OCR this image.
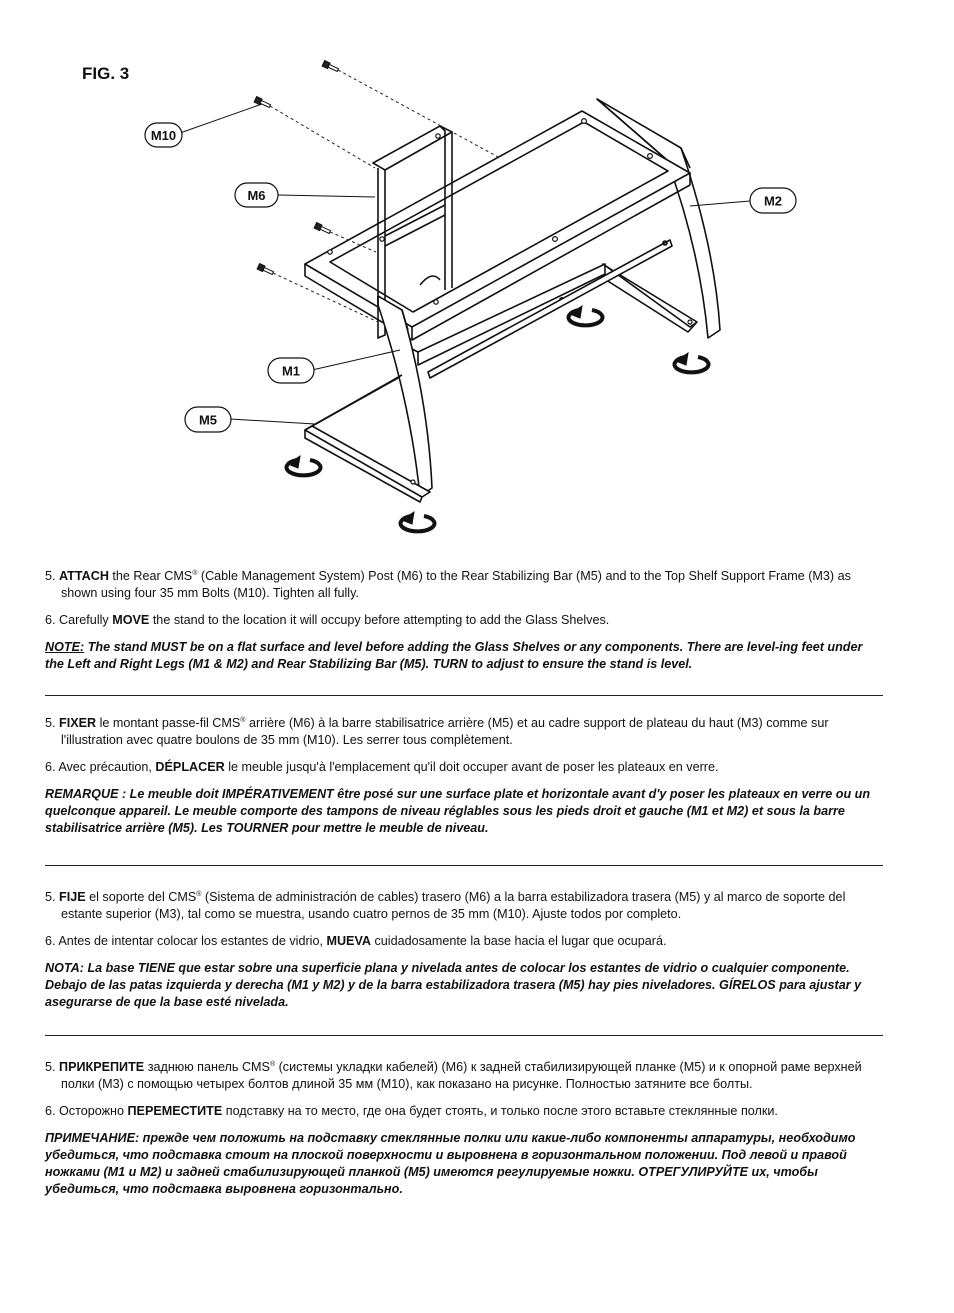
FIG. 3
M10
M6	M2
M1
M5

5. ATTACH the Rear CMS® (Cable Management System) Post (M6) to the Rear Stabilizing Bar (M5) and to the Top Shelf Support Frame (M3) as shown using four 35 mm Bolts (M10). Tighten all fully.

6. Carefully MOVE the stand to the location it will occupy before attempting to add the Glass Shelves.

NOTE: The stand MUST be on a flat surface and level before adding the Glass Shelves or any components. There are level-ing feet under the Left and Right Legs (M1 & M2) and Rear Stabilizing Bar (M5). TURN to adjust to ensure the stand is level.

5. FIXER le montant passe-fil CMS® arrière (M6) à la barre stabilisatrice arrière (M5) et au cadre support de plateau du haut (M3) comme sur l'illustration avec quatre boulons de 35 mm (M10). Les serrer tous complètement.

6. Avec précaution, DÉPLACER le meuble jusqu'à l'emplacement qu'il doit occuper avant de poser les plateaux en verre.

REMARQUE : Le meuble doit IMPÉRATIVEMENT être posé sur une surface plate et horizontale avant d'y poser les plateaux en verre ou un quelconque appareil. Le meuble comporte des tampons de niveau réglables sous les pieds droit et gauche (M1 et M2) et sous la barre stabilisatrice arrière (M5). Les TOURNER pour mettre le meuble de niveau.

5. FIJE el soporte del CMS® (Sistema de administración de cables) trasero (M6) a la barra estabilizadora trasera (M5) y al marco de soporte del estante superior (M3), tal como se muestra, usando cuatro pernos de 35 mm (M10). Ajuste todos por completo.

6. Antes de intentar colocar los estantes de vidrio, MUEVA cuidadosamente la base hacia el lugar que ocupará.

NOTA: La base TIENE que estar sobre una superficie plana y nivelada antes de colocar los estantes de vidrio o cualquier componente. Debajo de las patas izquierda y derecha (M1 y M2) y de la barra estabilizadora trasera (M5) hay pies niveladores. GÍRELOS para ajustar y asegurarse de que la base esté nivelada.

5. ПРИКРЕПИТЕ заднюю панель CMS® (системы укладки кабелей) (M6) к задней стабилизирующей планке (M5) и к опорной раме верхней полки (M3) с помощью четырех болтов длиной 35 мм (M10), как показано на рисунке. Полностью затяните все болты.

6. Осторожно ПЕРЕМЕСТИТЕ подставку на то место, где она будет стоять, и только после этого вставьте стеклянные полки.

ПРИМЕЧАНИЕ: прежде чем положить на подставку стеклянные полки или какие-либо компоненты аппаратуры, необходимо убедиться, что подставка стоит на плоской поверхности и выровнена в горизонтальном положении. Под левой и правой ножками (M1 и M2) и задней стабилизирующей планкой (M5) имеются регулируемые ножки. ОТРЕГУЛИРУЙТЕ их, чтобы убедиться, что подставка выровнена горизонтально.
